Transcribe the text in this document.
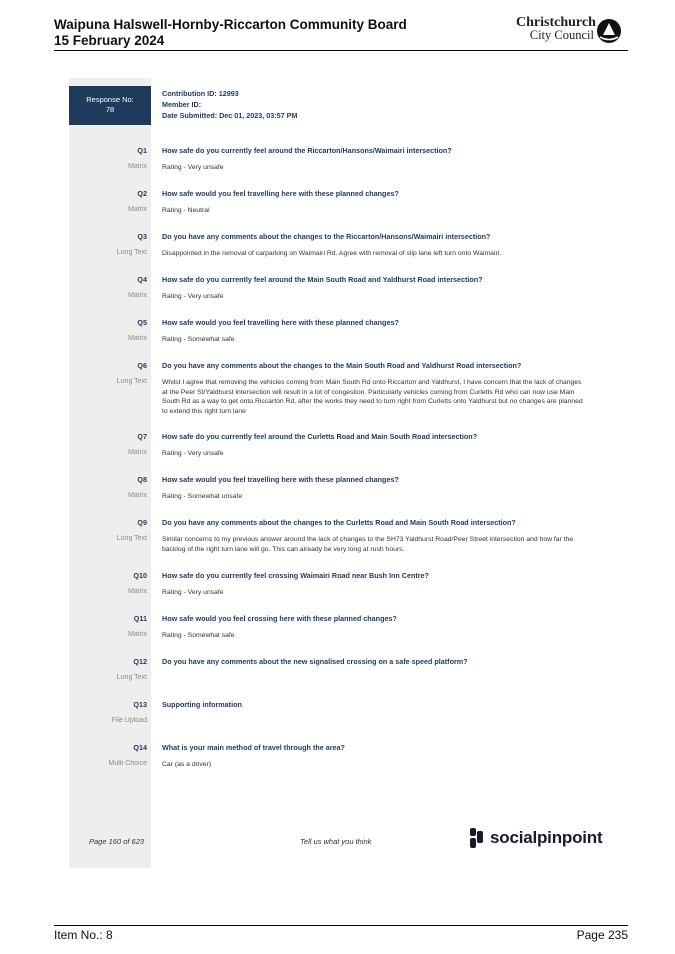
Waipuna Halswell-Hornby-Riccarton Community Board
15 February 2024
Christchurch
City Council
Response No:
78
Contribution ID: 12993
Member ID:
Date Submitted: Dec 01, 2023, 03:57 PM
Q1 How safe do you currently feel around the Riccarton/Hansons/Waimairi intersection?
Matrix Rating - Very unsafe
Q2 How safe would you feel travelling here with these planned changes?
Matrix Rating - Neutral
Q3 Do you have any comments about the changes to the Riccarton/Hansons/Waimairi intersection?
Long Text Disappointed in the removal of carparking on Waimairi Rd. Agree with removal of slip lane left turn onto Waimairi.
Q4 How safe do you currently feel around the Main South Road and Yaldhurst Road intersection?
Matrix Rating - Very unsafe
Q5 How safe would you feel travelling here with these planned changes?
Matrix Rating - Somewhat safe
Q6 Do you have any comments about the changes to the Main South Road and Yaldhurst Road intersection?
Long Text Whilst I agree that removing the vehicles coming from Main South Rd onto Riccarton and Yaldhurst, I have concern that the lack of changes at the Peer St/Yaldhurst intersection will result in a lot of congestion. Particularly vehicles coming from Curletts Rd who can now use Main South Rd as a way to get onto Riccarton Rd, after the works they need to turn right from Curletts onto Yaldhurst but no changes are planned to extend this right turn lane
Q7 How safe do you currently feel around the Curletts Road and Main South Road intersection?
Matrix Rating - Very unsafe
Q8 How safe would you feel travelling here with these planned changes?
Matrix Rating - Somewhat unsafe
Q9 Do you have any comments about the changes to the Curletts Road and Main South Road intersection?
Long Text Similar concerns to my previous answer around the lack of changes to the SH73 Yaldhurst Road/Peer Street intersection and how far the backlog of the right turn lane will go. This can already be very long at rush hours.
Q10 How safe do you currently feel crossing Waimairi Road near Bush Inn Centre?
Matrix Rating - Very unsafe
Q11 How safe would you feel crossing here with these planned changes?
Matrix Rating - Somewhat safe
Q12 Do you have any comments about the new signalised crossing on a safe speed platform?
Long Text
Q13 Supporting information
File Upload
Q14 What is your main method of travel through the area?
Multi Choice Car (as a driver)
Page 160 of 623	Tell us what you think	socialpinpoint
Item No.: 8	Page 235
